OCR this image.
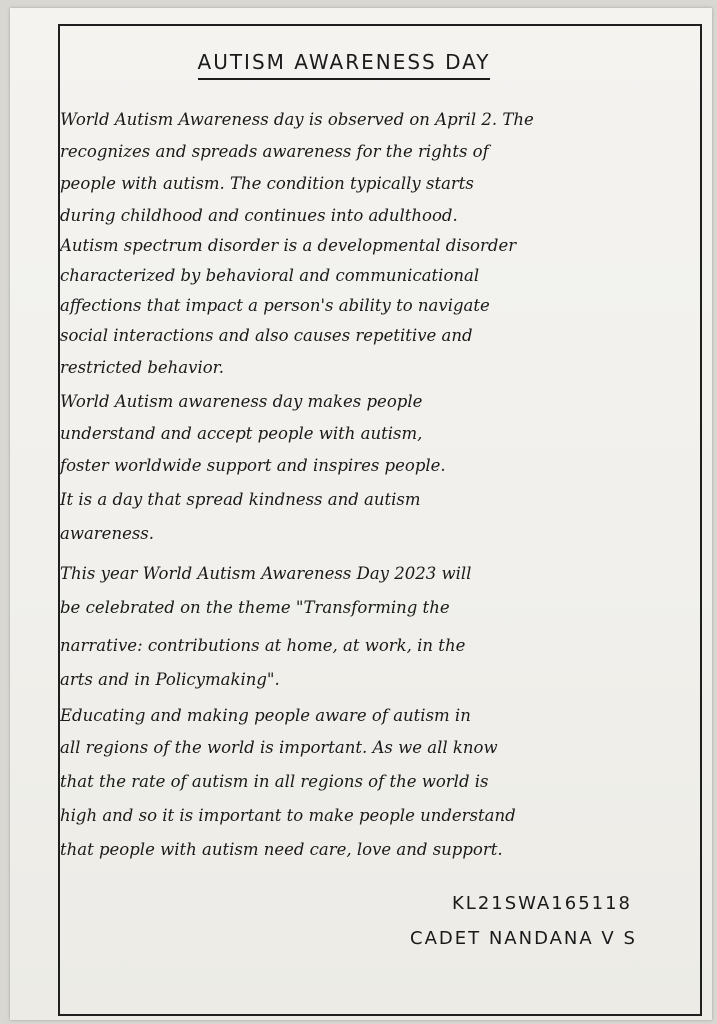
AUTISM AWARENESS DAY

World Autism Awareness day is observed on April 2. The

recognizes and spreads awareness for the rights of

people with autism. The condition typically starts

during childhood and continues into adulthood.

Autism spectrum disorder is a developmental disorder

characterized by behavioral and communicational

affections that impact a person's ability to navigate

social interactions and also causes repetitive and

restricted behavior.

World Autism awareness day makes people

understand and accept people with autism,

foster worldwide support and inspires people.

It is a day that spread kindness and autism

awareness.

This year World Autism Awareness Day 2023 will

be celebrated on the theme "Transforming the

narrative: contributions at home, at work, in the

arts and in Policymaking".

Educating and making people aware of autism in

all regions of the world is important. As we all know

that the rate of autism in all regions of the world is

high and so it is important to make people understand

that people with autism need care, love and support.

KL21SWA165118
CADET NANDANA V S
